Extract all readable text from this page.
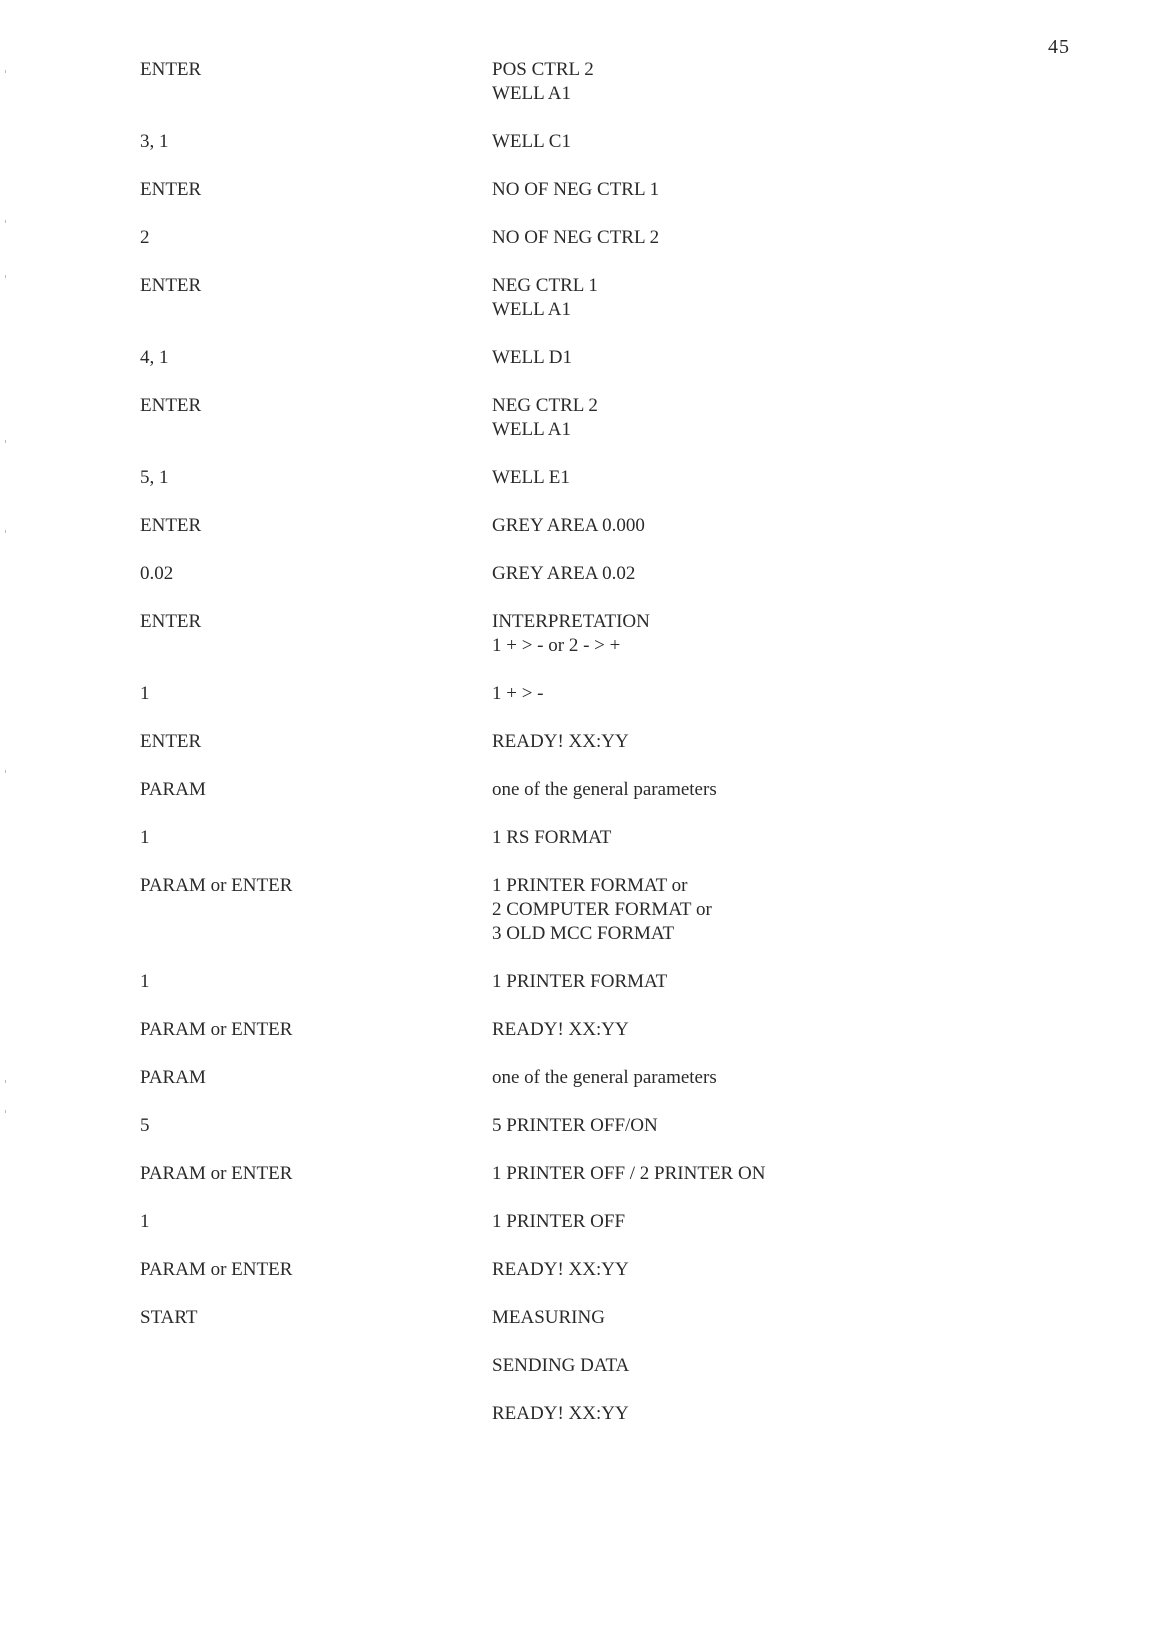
45
ENTER	POS CTRL 2
WELL A1
3, 1	WELL C1
ENTER	NO OF NEG CTRL 1
2	NO OF NEG CTRL 2
ENTER	NEG CTRL 1
WELL A1
4, 1	WELL D1
ENTER	NEG CTRL 2
WELL A1
5, 1	WELL E1
ENTER	GREY AREA 0.000
0.02	GREY AREA 0.02
ENTER	INTERPRETATION
1 + > - or 2 - > +
1	1 + > -
ENTER	READY! XX:YY
PARAM	one of the general parameters
1	1 RS FORMAT
PARAM or ENTER	1 PRINTER FORMAT or
2 COMPUTER FORMAT or
3 OLD MCC FORMAT
1	1 PRINTER FORMAT
PARAM or ENTER	READY! XX:YY
PARAM	one of the general parameters
5	5 PRINTER OFF/ON
PARAM or ENTER	1 PRINTER OFF / 2 PRINTER ON
1	1 PRINTER OFF
PARAM or ENTER	READY! XX:YY
START	MEASURING
SENDING DATA
READY! XX:YY
